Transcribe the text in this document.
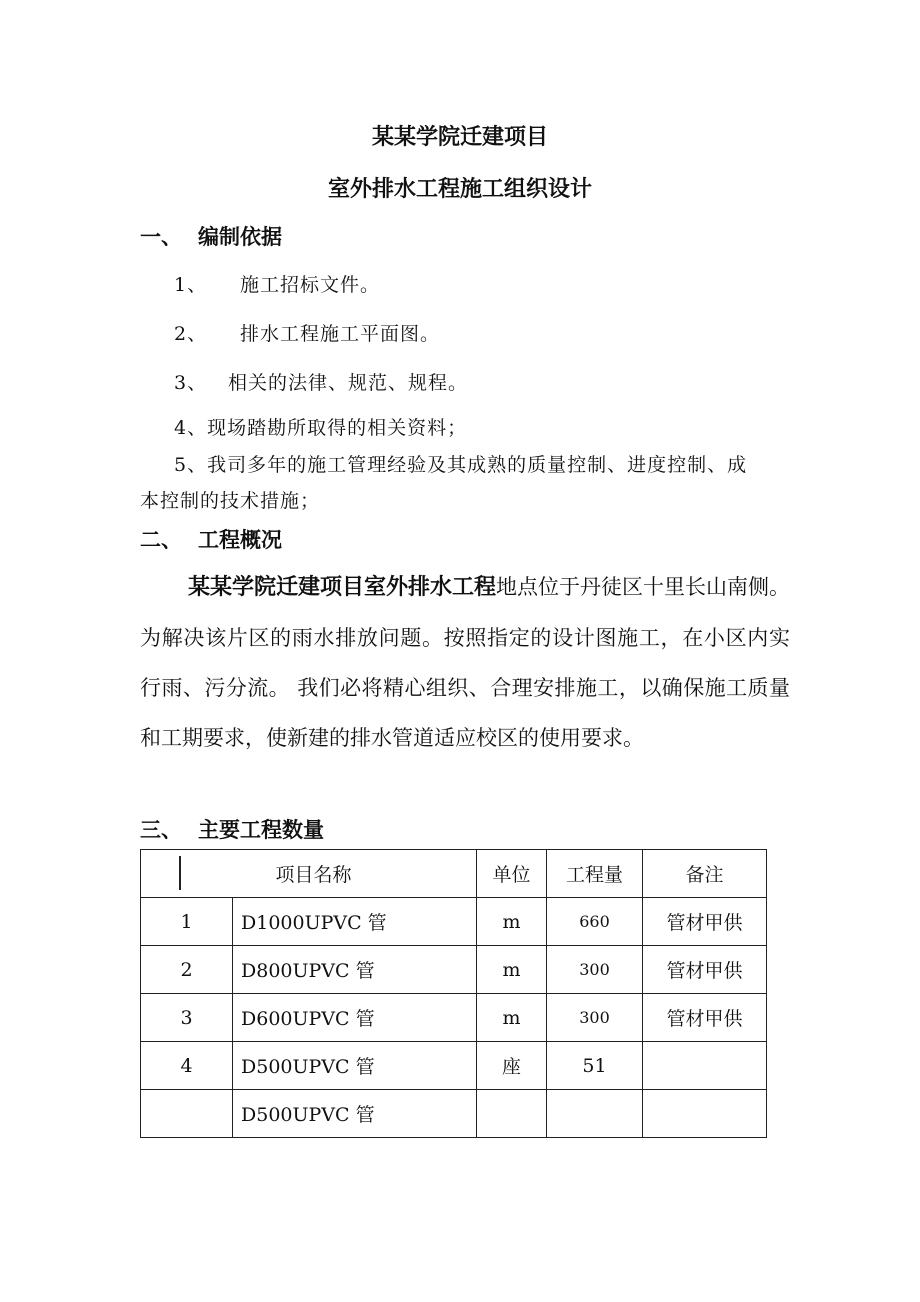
某某学院迁建项目
室外排水工程施工组织设计
一、 编制依据
1、 施工招标文件。
2、 排水工程施工平面图。
3、 相关的法律、规范、规程。
4、现场踏勘所取得的相关资料；
5、我司多年的施工管理经验及其成熟的质量控制、进度控制、成
本控制的技术措施；
二、 工程概况
某某学院迁建项目室外排水工程地点位于丹徒区十里长山南侧。为解决该片区的雨水排放问题。按照指定的设计图施工，在小区内实行雨、污分流。 我们必将精心组织、合理安排施工，以确保施工质量和工期要求，使新建的排水管道适应校区的使用要求。
三、 主要工程数量
项目名称		单位	工程量	备注
1	D1000UPVC 管	m	660	管材甲供
2	D800UPVC 管	m	300	管材甲供
3	D600UPVC 管	m	300	管材甲供
4	D500UPVC 管	座	51	
	D500UPVC 管			
